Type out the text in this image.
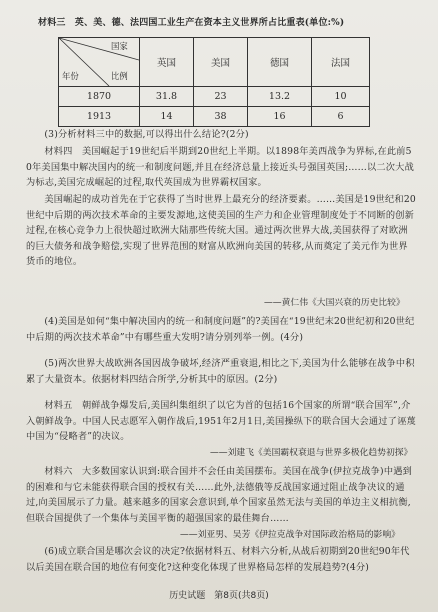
材料三　英、美、德、法四国工业生产在资本主义世界所占比重表(单位:%)
国家
比例
年份	英国	美国	德国	法国
1870	31.8	23	13.2	10
1913	14	38	16	6
(3)分析材料三中的数据,可以得出什么结论?(2分)
材料四　美国崛起于19世纪后半期到20世纪上半期。以1898年美西战争为界标,在此前50年美国集中解决国内的统一和制度问题,并且在经济总量上接近头号强国英国;……以二次大战为标志,美国完成崛起的过程,取代英国成为世界霸权国家。
美国崛起的成功首先在于它获得了当时世界上最充分的经济要素。……美国是19世纪和20世纪中后期的两次技术革命的主要发源地,这使美国的生产力和企业管理制度处于不同断的创新过程,在核心竞争力上很快超过欧洲大陆那些传统大国。通过两次世界大战,美国获得了对欧洲的巨大债务和战争赔偿,实现了世界范围的财富从欧洲向美国的转移,从而奠定了美元作为世界货币的地位。
——黄仁伟《大国兴衰的历史比较》
(4)美国是如何“集中解决国内的统一和制度问题”的?美国在“19世纪末20世纪初和20世纪中后期的两次技术革命”中有哪些重大发明?请分别列举一例。(4分)
(5)两次世界大战欧洲各国因战争破坏,经济严重衰退,相比之下,美国为什么能够在战争中积累了大量资本。依据材料四结合所学,分析其中的原因。(2分)
材料五　朝鲜战争爆发后,美国纠集组织了以它为首的包括16个国家的所谓“联合国军”,介入朝鲜战争。中国人民志愿军入朝作战后,1951年2月1日,美国操纵下的联合国大会通过了诬蔑中国为“侵略者”的决议。
——刘建飞《美国霸权衰退与世界多极化趋势初探》
材料六　大多数国家认识到:联合国并不会任由美国摆布。美国在战争(伊拉克战争)中遇到的困难和与它未能获得联合国的授权有关……此外,法德俄等反战国家通过阻止战争决议的通过,向美国展示了力量。越来越多的国家会意识到,单个国家虽然无法与美国的单边主义相抗衡,但联合国提供了一个集体与美国平衡的超强国家的最佳舞台……
——刘亚男、吴芳《伊拉克战争对国际政治格局的影响》
(6)成立联合国是哪次会议的决定?依据材料五、材料六分析,从战后初期到20世纪90年代以后美国在联合国的地位有何变化?这种变化体现了世界格局怎样的发展趋势?(4分)
历史试题　第8页(共8页)
